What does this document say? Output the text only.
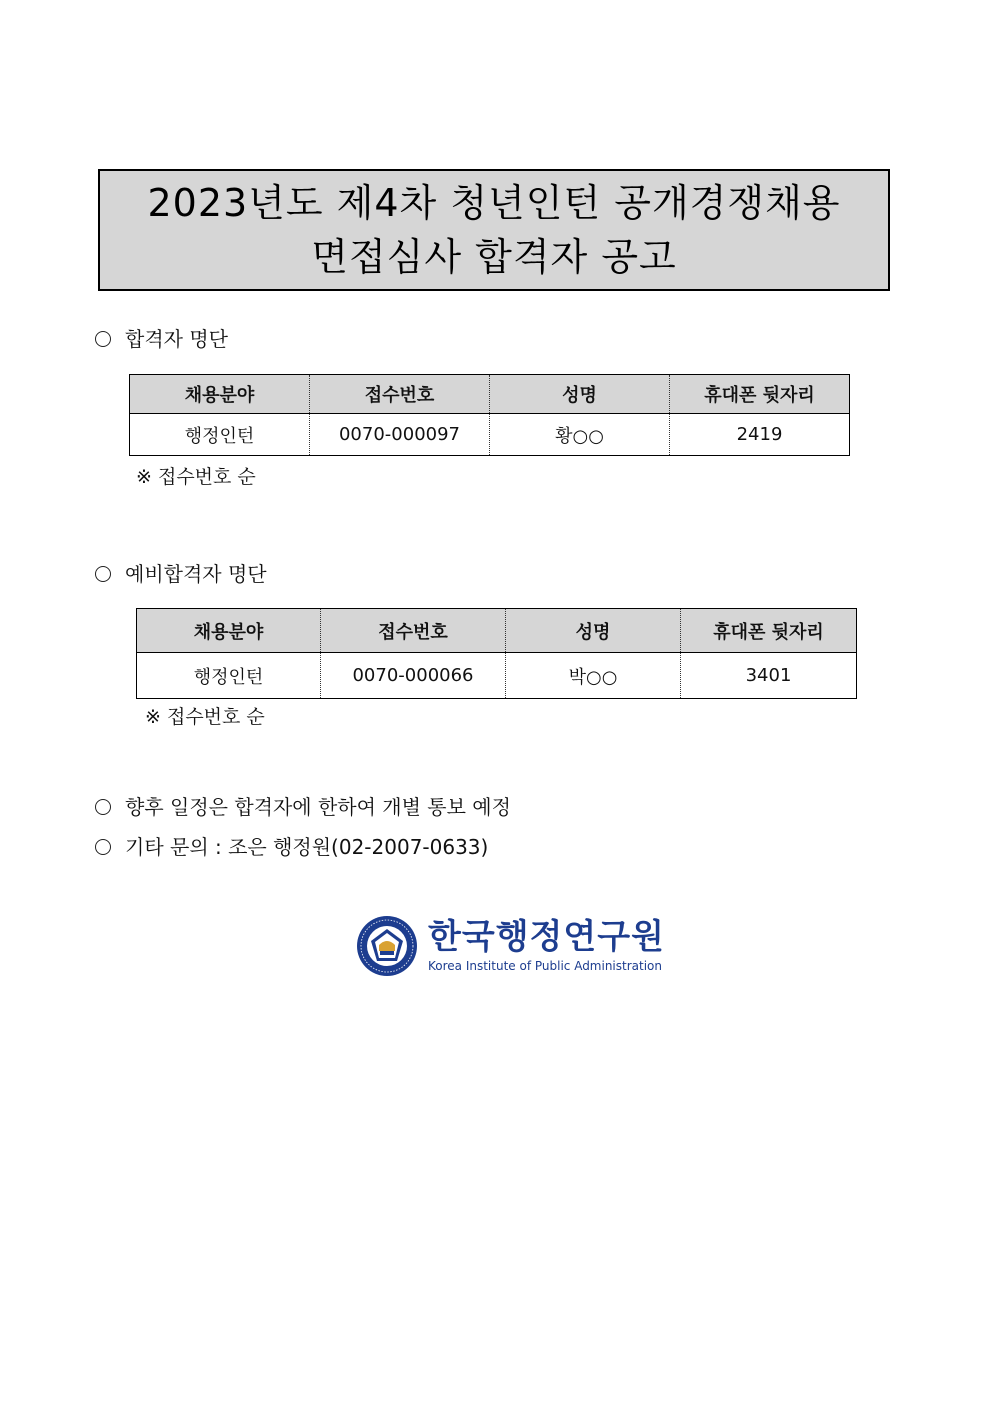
2023년도 제4차 청년인턴 공개경쟁채용
면접심사 합격자 공고
합격자 명단
채용분야	접수번호	성명	휴대폰 뒷자리
행정인턴	0070-000097	황○○	2419
※ 접수번호 순
예비합격자 명단
채용분야	접수번호	성명	휴대폰 뒷자리
행정인턴	0070-000066	박○○	3401
※ 접수번호 순
향후 일정은 합격자에 한하여 개별 통보 예정
기타 문의 : 조은 행정원(02-2007-0633)
한국행정연구원
Korea Institute of Public Administration
